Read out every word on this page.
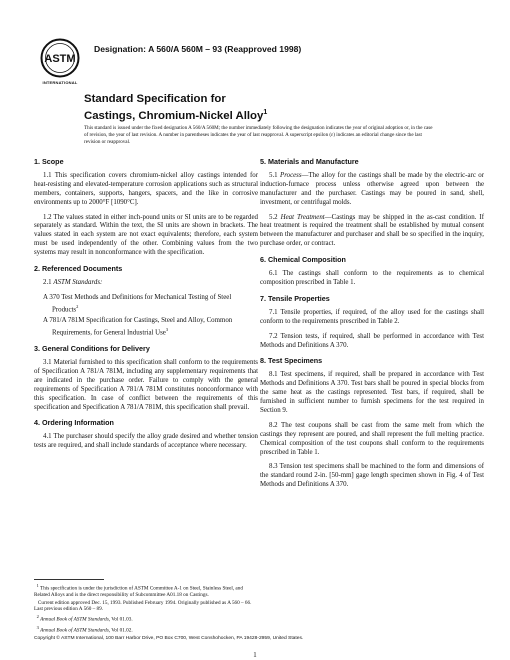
ASTM
INTERNATIONAL
Designation: A 560/A 560M – 93 (Reapproved 1998)
Standard Specification for
Castings, Chromium-Nickel Alloy$^1$
This standard is issued under the fixed designation A 560/A 560M; the number immediately following the designation indicates the year of original adoption or, in the case of revision, the year of last revision. A number in parentheses indicates the year of last reapproval. A superscript epsilon (ε) indicates an editorial change since the last revision or reapproval.
1. Scope

1.1 This specification covers chromium-nickel alloy castings intended for heat-resisting and elevated-temperature corrosion applications such as structural members, containers, supports, hangers, spacers, and the like in corrosive environments up to 2000°F [1090°C].

1.2 The values stated in either inch-pound units or SI units are to be regarded separately as standard. Within the text, the SI units are shown in brackets. The values stated in each system are not exact equivalents; therefore, each system must be used independently of the other. Combining values from the two systems may result in nonconformance with the specification.

2. Referenced Documents

2.1 ASTM Standards:

A 370 Test Methods and Definitions for Mechanical Testing of Steel Products$^2$
A 781/A 781M Specification for Castings, Steel and Alloy, Common Requirements, for General Industrial Use$^3$
3. General Conditions for Delivery

3.1 Material furnished to this specification shall conform to the requirements of Specification A 781/A 781M, including any supplementary requirements that are indicated in the purchase order. Failure to comply with the general requirements of Specification A 781/A 781M constitutes nonconformance with this specification. In case of conflict between the requirements of this specification and Specification A 781/A 781M, this specification shall prevail.

4. Ordering Information

4.1 The purchaser should specify the alloy grade desired and whether tension tests are required, and shall include standards of acceptance where necessary.

5. Materials and Manufacture

5.1 Process—The alloy for the castings shall be made by the electric-arc or induction-furnace process unless otherwise agreed upon between the manufacturer and the purchaser. Castings may be poured in sand, shell, investment, or centrifugal molds.

5.2 Heat Treatment—Castings may be shipped in the as-cast condition. If heat treatment is required the treatment shall be established by mutual consent between the manufacturer and purchaser and shall be so specified in the inquiry, purchase order, or contract.

6. Chemical Composition

6.1 The castings shall conform to the requirements as to chemical composition prescribed in Table 1.

7. Tensile Properties

7.1 Tensile properties, if required, of the alloy used for the castings shall conform to the requirements prescribed in Table 2.

7.2 Tension tests, if required, shall be performed in accordance with Test Methods and Definitions A 370.

8. Test Specimens

8.1 Test specimens, if required, shall be prepared in accordance with Test Methods and Definitions A 370. Test bars shall be poured in special blocks from the same heat as the castings represented. Test bars, if required, shall be furnished in sufficient number to furnish specimens for the test required in Section 9.

8.2 The test coupons shall be cast from the same melt from which the castings they represent are poured, and shall represent the full melting practice. Chemical composition of the test coupons shall conform to the requirements prescribed in Table 1.

8.3 Tension test specimens shall be machined to the form and dimensions of the standard round 2-in. [50-mm] gage length specimen shown in Fig. 4 of Test Methods and Definitions A 370.

$^1$ This specification is under the jurisdiction of ASTM Committee A-1 on Steel, Stainless Steel, and Related Alloys and is the direct responsibility of Subcommittee A01.18 on Castings.
Current edition approved Dec. 15, 1993. Published February 1994. Originally published as A 560 – 66. Last previous edition A 560 – 89.
$^2$ Annual Book of ASTM Standards, Vol 01.03.
$^3$ Annual Book of ASTM Standards, Vol 01.02.
Copyright © ASTM International, 100 Barr Harbor Drive, PO Box C700, West Conshohocken, PA 19428-2959, United States.
1
